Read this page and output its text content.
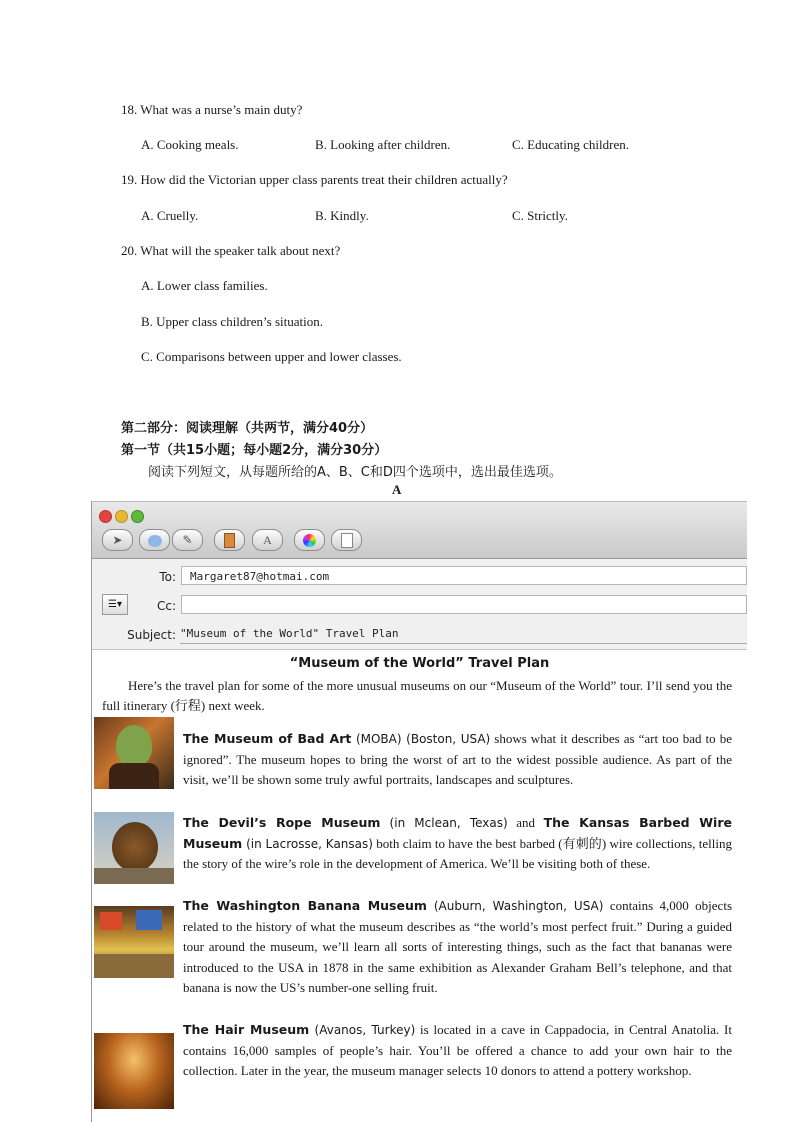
18. What was a nurse’s main duty?
A. Cooking meals.	B. Looking after children.	C. Educating children.
19. How did the Victorian upper class parents treat their children actually?
A. Cruelly.	B. Kindly.	C. Strictly.
20. What will the speaker talk about next?
A. Lower class families.
B. Upper class children’s situation.
C. Comparisons between upper and lower classes.
第二部分：阅读理解（共两节，满分40分）
第一节（共15小题；每小题2分，满分30分）
阅读下列短文，从每题所给的A、B、C和D四个选项中，选出最佳选项。
A
➤	✎	A
To:	Margaret87@hotmai.com
☰▾	Cc:
Subject: "Museum of the World" Travel Plan
“Museum of the World” Travel Plan
Here’s the travel plan for some of the more unusual museums on our “Museum of the World” tour. I’ll send you the full itinerary (行程) next week.
The Museum of Bad Art (MOBA) (Boston, USA) shows what it describes as “art too bad to be ignored”. The museum hopes to bring the worst of art to the widest possible audience. As part of the visit, we’ll be shown some truly awful portraits, landscapes and sculptures.
The Devil’s Rope Museum (in Mclean, Texas) and The Kansas Barbed Wire Museum (in Lacrosse, Kansas) both claim to have the best barbed (有刺的) wire collections, telling the story of the wire’s role in the development of America. We’ll be visiting both of these.
The Washington Banana Museum (Auburn, Washington, USA) contains 4,000 objects related to the history of what the museum describes as “the world’s most perfect fruit.” During a guided tour around the museum, we’ll learn all sorts of interesting things, such as the fact that bananas were introduced to the USA in 1878 in the same exhibition as Alexander Graham Bell’s telephone, and that banana is now the US’s number-one selling fruit.
The Hair Museum (Avanos, Turkey) is located in a cave in Cappadocia, in Central Anatolia. It contains 16,000 samples of people’s hair. You’ll be offered a chance to add your own hair to the collection. Later in the year, the museum manager selects 10 donors to attend a pottery workshop.
